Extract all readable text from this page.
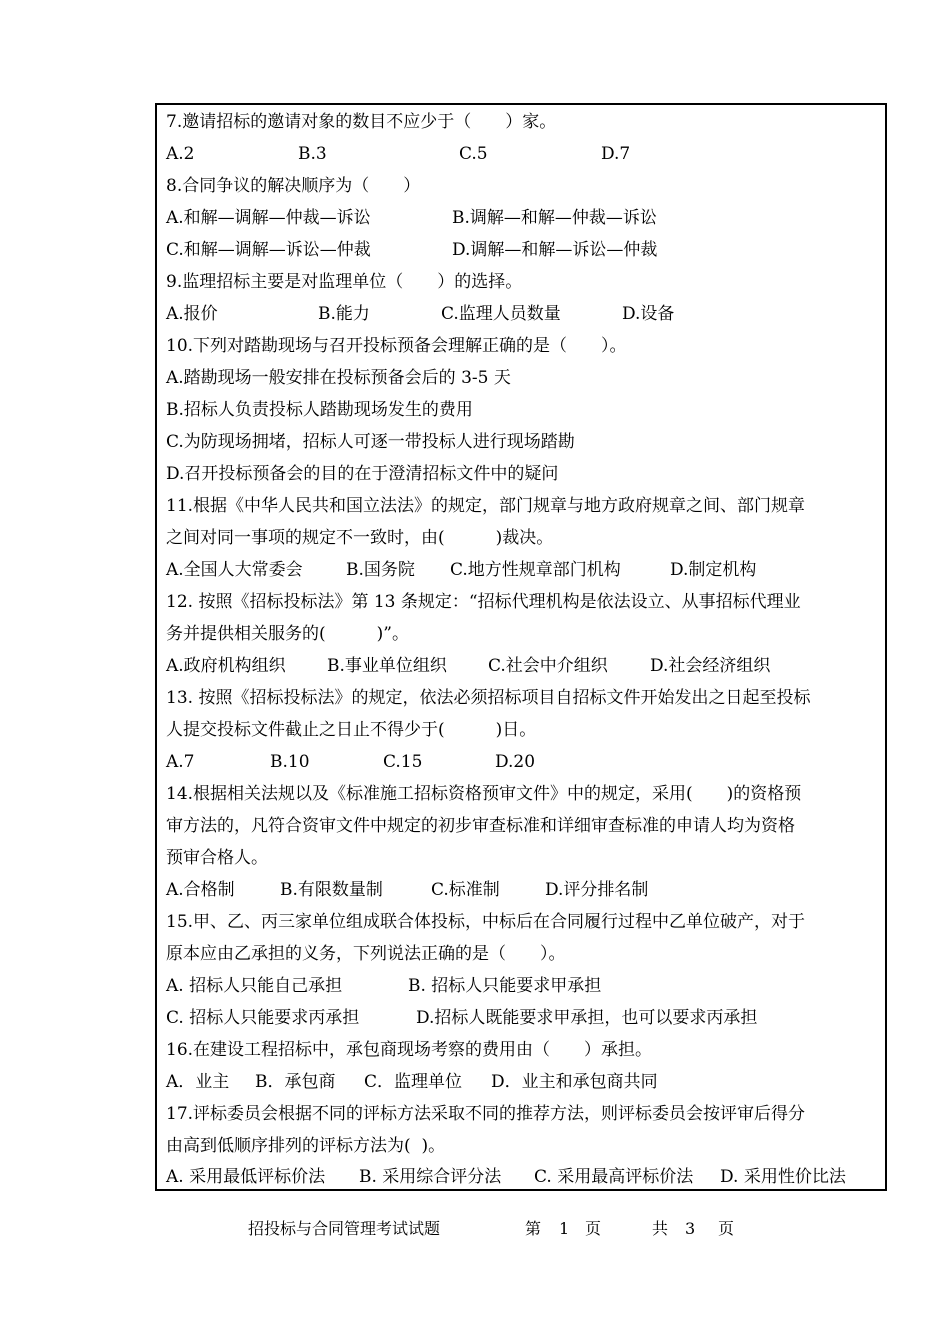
7.邀请招标的邀请对象的数目不应少于（　　）家。
A.2	B.3	C.5	D.7
8.合同争议的解决顺序为（　　）
A.和解—调解—仲裁—诉讼	B.调解—和解—仲裁—诉讼
C.和解—调解—诉讼—仲裁	D.调解—和解—诉讼—仲裁
9.监理招标主要是对监理单位（　　）的选择。
A.报价	B.能力	C.监理人员数量	D.设备
10.下列对踏勘现场与召开投标预备会理解正确的是（　　）。
A.踏勘现场一般安排在投标预备会后的 3-5 天
B.招标人负责投标人踏勘现场发生的费用
C.为防现场拥堵，招标人可逐一带投标人进行现场踏勘
D.召开投标预备会的目的在于澄清招标文件中的疑问
11.根据《中华人民共和国立法法》的规定，部门规章与地方政府规章之间、部门规章
之间对同一事项的规定不一致时，由(　　　)裁决。
A.全国人大常委会	B.国务院 C.地方性规章部门机构	D.制定机构
12. 按照《招标投标法》第 13 条规定：“招标代理机构是依法设立、从事招标代理业
务并提供相关服务的(　　　)”。
A.政府机构组织 B.事业单位组织 C.社会中介组织 D.社会经济组织
13. 按照《招标投标法》的规定，依法必须招标项目自招标文件开始发出之日起至投标
人提交投标文件截止之日止不得少于(　　　)日。
A.7	B.10	C.15	D.20
14.根据相关法规以及《标准施工招标资格预审文件》中的规定，采用(　　)的资格预
审方法的，凡符合资审文件中规定的初步审查标准和详细审查标准的申请人均为资格
预审合格人。
A.合格制	B.有限数量制	C.标准制	D.评分排名制
15.甲、乙、丙三家单位组成联合体投标，中标后在合同履行过程中乙单位破产，对于
原本应由乙承担的义务，下列说法正确的是（　　）。
A. 招标人只能自己承担	B. 招标人只能要求甲承担
C. 招标人只能要求丙承担	D.招标人既能要求甲承担，也可以要求丙承担
16.在建设工程招标中，承包商现场考察的费用由（　　）承担。
A．业主 B．承包商 C．监理单位 D．业主和承包商共同
17.评标委员会根据不同的评标方法采取不同的推荐方法，则评标委员会按评审后得分
由高到低顺序排列的评标方法为(  )。
A. 采用最低评标价法 B. 采用综合评分法 C. 采用最高评标价法 D. 采用性价比法
招投标与合同管理考试试题	第 1 页	共 3 页
